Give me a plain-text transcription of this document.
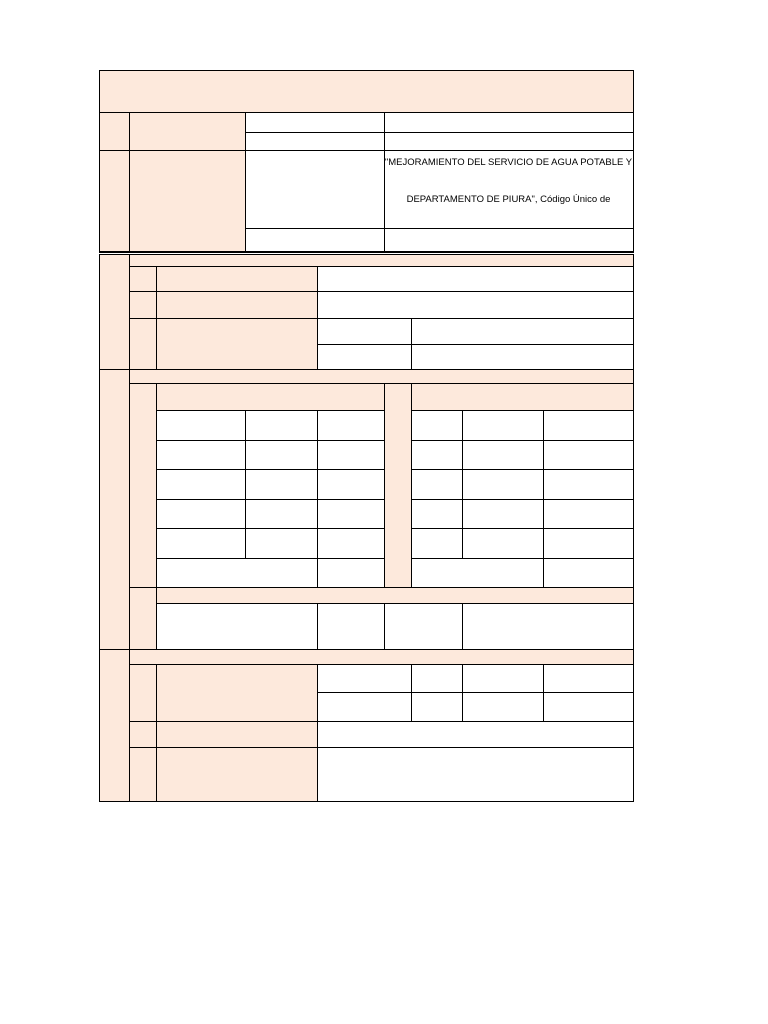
"MEJORAMIENTO DEL SERVICIO DE AGUA POTABLE Y
DEPARTAMENTO DE PIURA", Código Único de
